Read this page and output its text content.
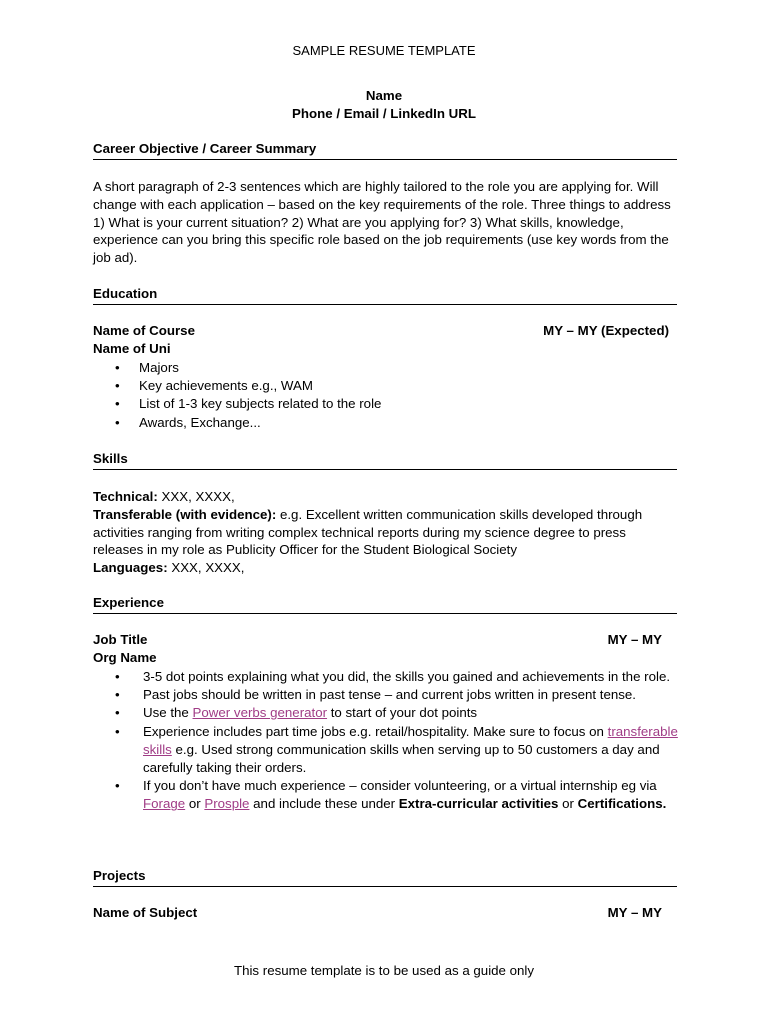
SAMPLE RESUME TEMPLATE
Name
Phone / Email / LinkedIn URL
Career Objective / Career Summary
A short paragraph of 2-3 sentences which are highly tailored to the role you are applying for. Will change with each application – based on the key requirements of the role. Three things to address 1) What is your current situation? 2) What are you applying for? 3) What skills, knowledge, experience can you bring this specific role based on the job requirements (use key words from the job ad).
Education
Name of Course	MY – MY (Expected)
Name of Uni
• Majors
• Key achievements e.g., WAM
• List of 1-3 key subjects related to the role
• Awards, Exchange...
Skills
Technical: XXX, XXXX,
Transferable (with evidence): e.g. Excellent written communication skills developed through activities ranging from writing complex technical reports during my science degree to press releases in my role as Publicity Officer for the Student Biological Society
Languages: XXX, XXXX,
Experience
Job Title	MY – MY
Org Name
• 3-5 dot points explaining what you did, the skills you gained and achievements in the role.
• Past jobs should be written in past tense – and current jobs written in present tense.
• Use the Power verbs generator to start of your dot points
• Experience includes part time jobs e.g. retail/hospitality. Make sure to focus on transferable skills e.g. Used strong communication skills when serving up to 50 customers a day and carefully taking their orders.
• If you don’t have much experience – consider volunteering, or a virtual internship eg via Forage or Prosple and include these under Extra-curricular activities or Certifications.
Projects
Name of Subject	MY – MY
This resume template is to be used as a guide only
